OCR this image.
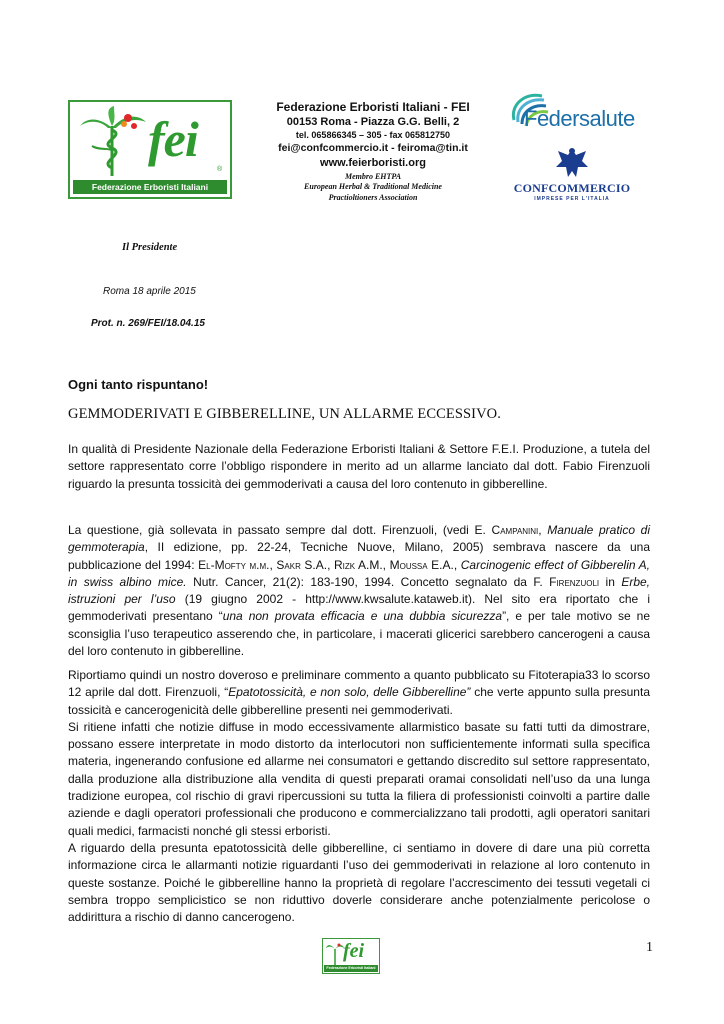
fei
®
Federazione Erboristi Italiani
Federazione Erboristi Italiani - FEI
00153 Roma - Piazza G.G. Belli, 2
tel. 065866345 – 305 - fax 065812750
fei@confcommercio.it - feiroma@tin.it
www.feierboristi.org
Membro EHTPA
European Herbal & Traditional Medicine
Practioltioners Association
Federsalute
CONFCOMMERCIO
IMPRESE PER L'ITALIA
Il Presidente
Roma 18 aprile 2015
Prot. n. 269/FEI/18.04.15
Ogni tanto rispuntano!
GEMMODERIVATI E GIBBERELLINE, UN ALLARME ECCESSIVO.

In qualità di Presidente Nazionale della Federazione Erboristi Italiani & Settore F.E.I. Produzione, a tutela del settore rappresentato corre l’obbligo rispondere in merito ad un allarme lanciato dal dott. Fabio Firenzuoli riguardo la presunta tossicità dei gemmoderivati a causa del loro contenuto in gibberelline.

La questione, già sollevata in passato sempre dal dott. Firenzuoli, (vedi E. Campanini, Manuale pratico di gemmoterapia, II edizione, pp. 22-24, Tecniche Nuove, Milano, 2005) sembrava nascere da una pubblicazione del 1994: El-Mofty m.m., Sakr S.A., Rizk A.M., Moussa E.A., Carcinogenic effect of Gibberelin A, in swiss albino mice. Nutr. Cancer, 21(2): 183-190, 1994. Concetto segnalato da F. Firenzuoli in Erbe, istruzioni per l’uso (19 giugno 2002 - http://www.kwsalute.kataweb.it). Nel sito era riportato che i gemmoderivati presentano “una non provata efficacia e una dubbia sicurezza”, e per tale motivo se ne sconsiglia l’uso terapeutico asserendo che, in particolare, i macerati glicerici sarebbero cancerogeni a causa del loro contenuto in gibberelline.

Riportiamo quindi un nostro doveroso e preliminare commento a quanto pubblicato su Fitoterapia33 lo scorso 12 aprile dal dott. Firenzuoli, “Epatotossicità, e non solo, delle Gibberelline” che verte appunto sulla presunta tossicità e cancerogenicità delle gibberelline presenti nei gemmoderivati.

Si ritiene infatti che notizie diffuse in modo eccessivamente allarmistico basate su fatti tutti da dimostrare, possano essere interpretate in modo distorto da interlocutori non sufficientemente informati sulla specifica materia, ingenerando confusione ed allarme nei consumatori e gettando discredito sul settore rappresentato, dalla produzione alla distribuzione alla vendita di questi preparati oramai consolidati nell’uso da una lunga tradizione europea, col rischio di gravi ripercussioni su tutta la filiera di professionisti coinvolti a partire dalle aziende e dagli operatori professionali che producono e commercializzano tali prodotti, agli operatori sanitari quali medici, farmacisti nonché gli stessi erboristi.

A riguardo della presunta epatotossicità delle gibberelline, ci sentiamo in dovere di dare una più corretta informazione circa le allarmanti notizie riguardanti l’uso dei gemmoderivati in relazione al loro contenuto in queste sostanze. Poiché le gibberelline hanno la proprietà di regolare l’accrescimento dei tessuti vegetali ci sembra troppo semplicistico se non riduttivo doverle considerare anche potenzialmente pericolose o addirittura a rischio di danno cancerogeno.

fei
Federazione Erboristi Italiani
1
